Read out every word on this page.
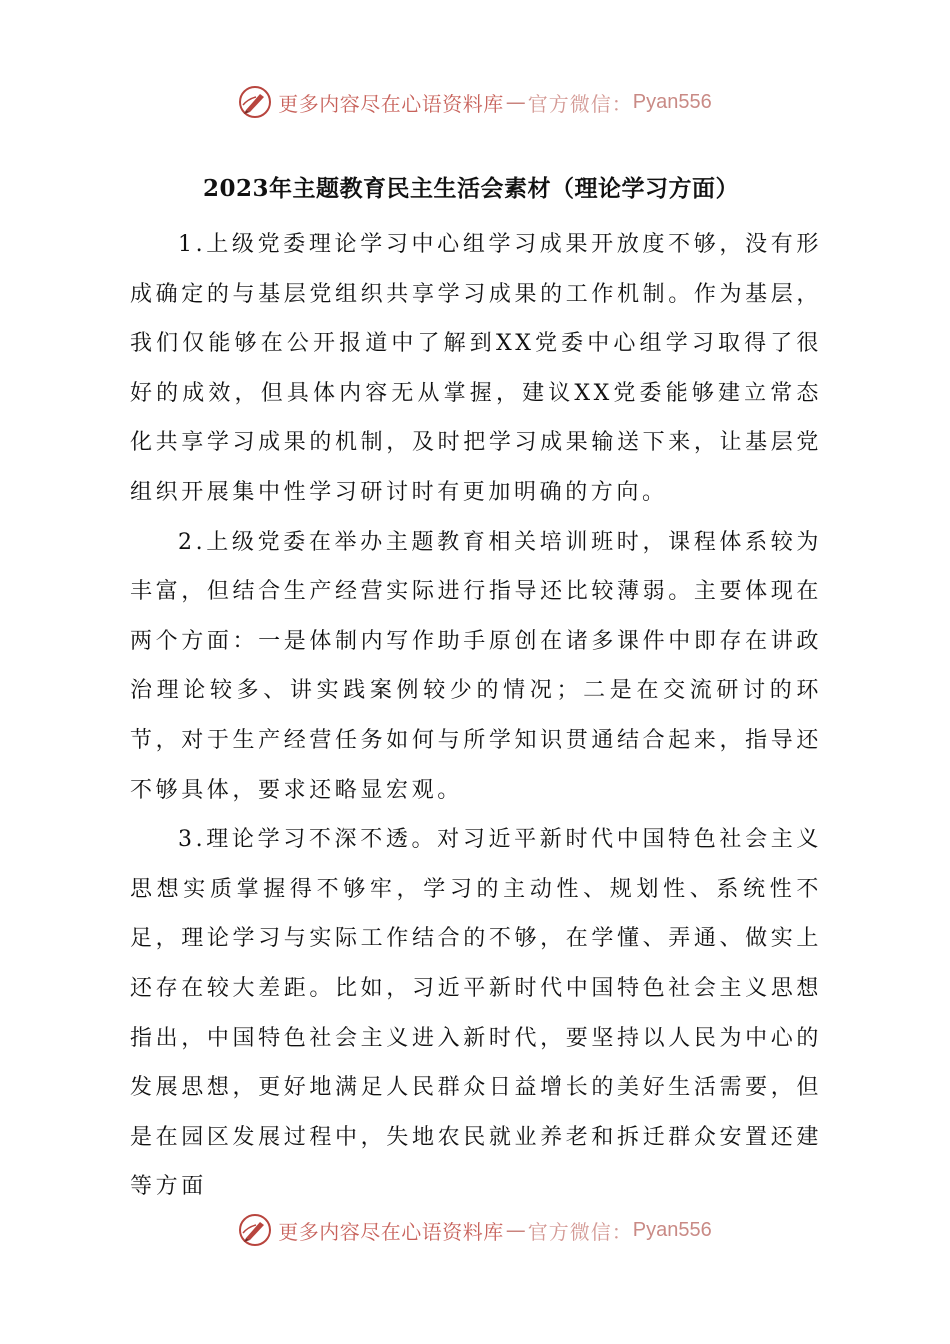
更多内容尽在心语资料库 — 官方微信： Pyan556
2023年主题教育民主生活会素材（理论学习方面）

1.上级党委理论学习中心组学习成果开放度不够，没有形成确定的与基层党组织共享学习成果的工作机制。作为基层，我们仅能够在公开报道中了解到XX党委中心组学习取得了很好的成效，但具体内容无从掌握，建议XX党委能够建立常态化共享学习成果的机制，及时把学习成果输送下来，让基层党组织开展集中性学习研讨时有更加明确的方向。

2.上级党委在举办主题教育相关培训班时，课程体系较为丰富，但结合生产经营实际进行指导还比较薄弱。主要体现在两个方面：一是体制内写作助手原创在诸多课件中即存在讲政治理论较多、讲实践案例较少的情况；二是在交流研讨的环节，对于生产经营任务如何与所学知识贯通结合起来，指导还不够具体，要求还略显宏观。

3.理论学习不深不透。对习近平新时代中国特色社会主义思想实质掌握得不够牢，学习的主动性、规划性、系统性不足，理论学习与实际工作结合的不够，在学懂、弄通、做实上还存在较大差距。比如，习近平新时代中国特色社会主义思想指出，中国特色社会主义进入新时代，要坚持以人民为中心的发展思想，更好地满足人民群众日益增长的美好生活需要，但是在园区发展过程中，失地农民就业养老和拆迁群众安置还建等方面

更多内容尽在心语资料库 — 官方微信： Pyan556
